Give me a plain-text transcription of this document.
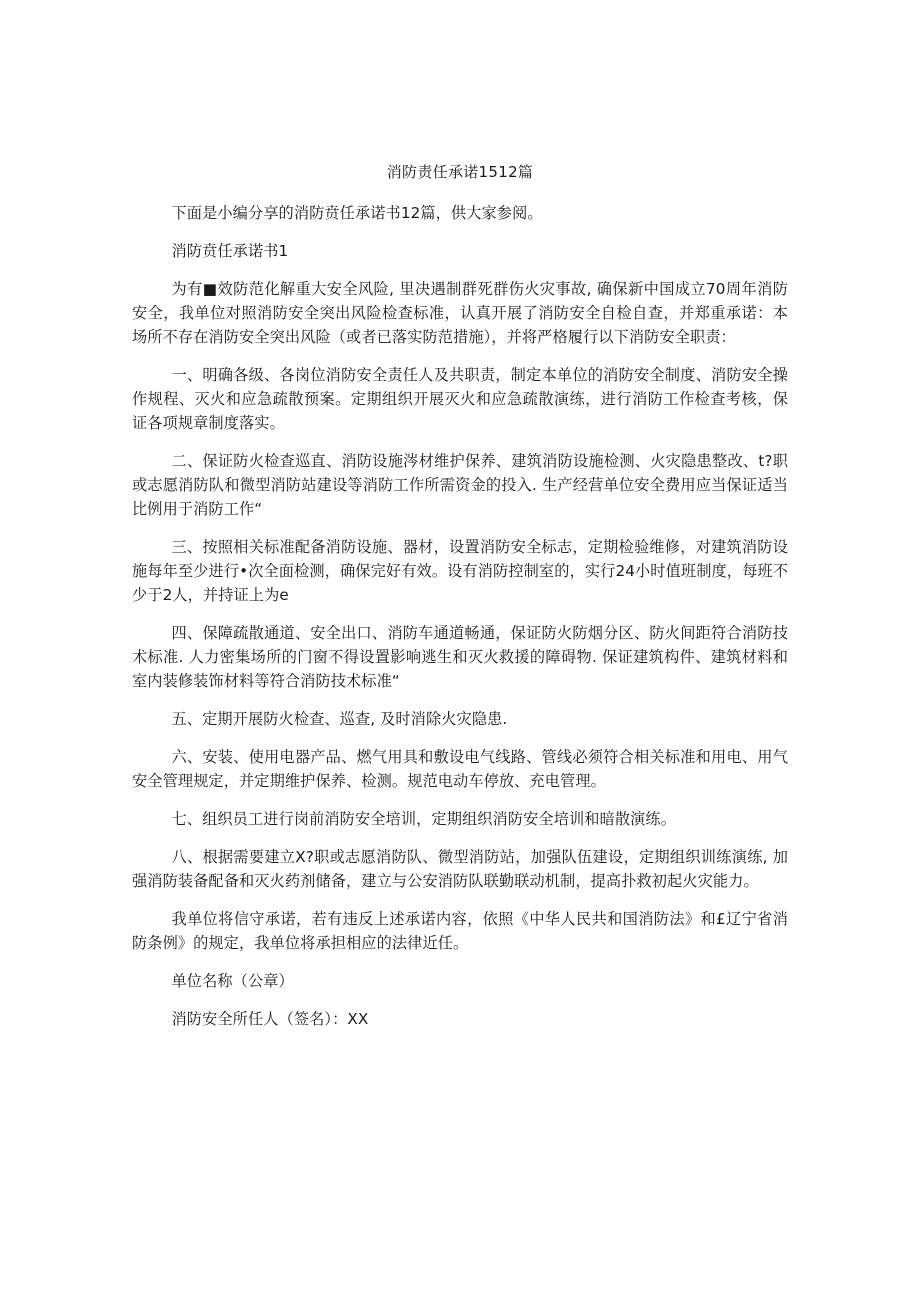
消防责任承诺1512篇

下面是小编分享的消防贲任承诺书12篇，供大家参阅。

消防贲任承诺书1

为有■效防范化解重大安全风险, 里决遇制群死群伤火灾事故, 确保新中国成立70周年消防安全，我单位对照消防安全突出风险检查标准，认真开展了消防安全自检自查，并郑重承诺：本场所不存在消防安全突出风险（或者已落实防范措施），并将严格履行以下消防安全职责：

一、明确各级、各岗位消防安全责任人及共职责，制定本单位的消防安全制度、消防安全操作规程、灭火和应急疏散预案。定期组织开展灭火和应急疏散演练，进行消防工作检查考核，保证各项规章制度落实。

二、保证防火检查巡直、消防设施涔材维护保养、建筑消防设施检测、火灾隐患整改、t?职或志愿消防队和微型消防站建设等消防工作所需资金的投入. 生产经营单位安全费用应当保证适当比例用于消防工作“

三、按照相关标准配备消防设施、器材，设置消防安全标志，定期检验维修，对建筑消防设施每年至少进行•次全面检测，确保完好有效。设有消防控制室的，实行24小时值班制度，每班不少于2人，并持证上为e

四、保障疏散通道、安全出口、消防车通道畅通，保证防火防烟分区、防火间距符合消防技术标准. 人力密集场所的门窗不得设置影响逃生和灭火救援的障碍物. 保证建筑构件、建筑材料和室内装修装饰材料等符合消防技术标准“

五、定期开展防火检查、巡查, 及时消除火灾隐患.

六、安装、使用电器产品、燃气用具和敷设电气线路、管线必须符合相关标准和用电、用气安全管理规定，并定期维护保养、检测。规范电动车停放、充电管理。

七、组织员工进行岗前消防安全培训，定期组织消防安全培训和暗散演练。

八、根据需要建立X?职或志愿消防队、微型消防站，加强队伍建设，定期组织训练演练, 加强消防装备配备和灭火药剂储备，建立与公安消防队联勤联动机制，提高扑救初起火灾能力。

我单位将信守承诺，若有违反上述承诺内容，依照《中华人民共和国消防法》和£辽宁省消防条例》的规定，我单位将承担相应的法律近任。

单位名称（公章）

消防安全所任人（签名）：XX
